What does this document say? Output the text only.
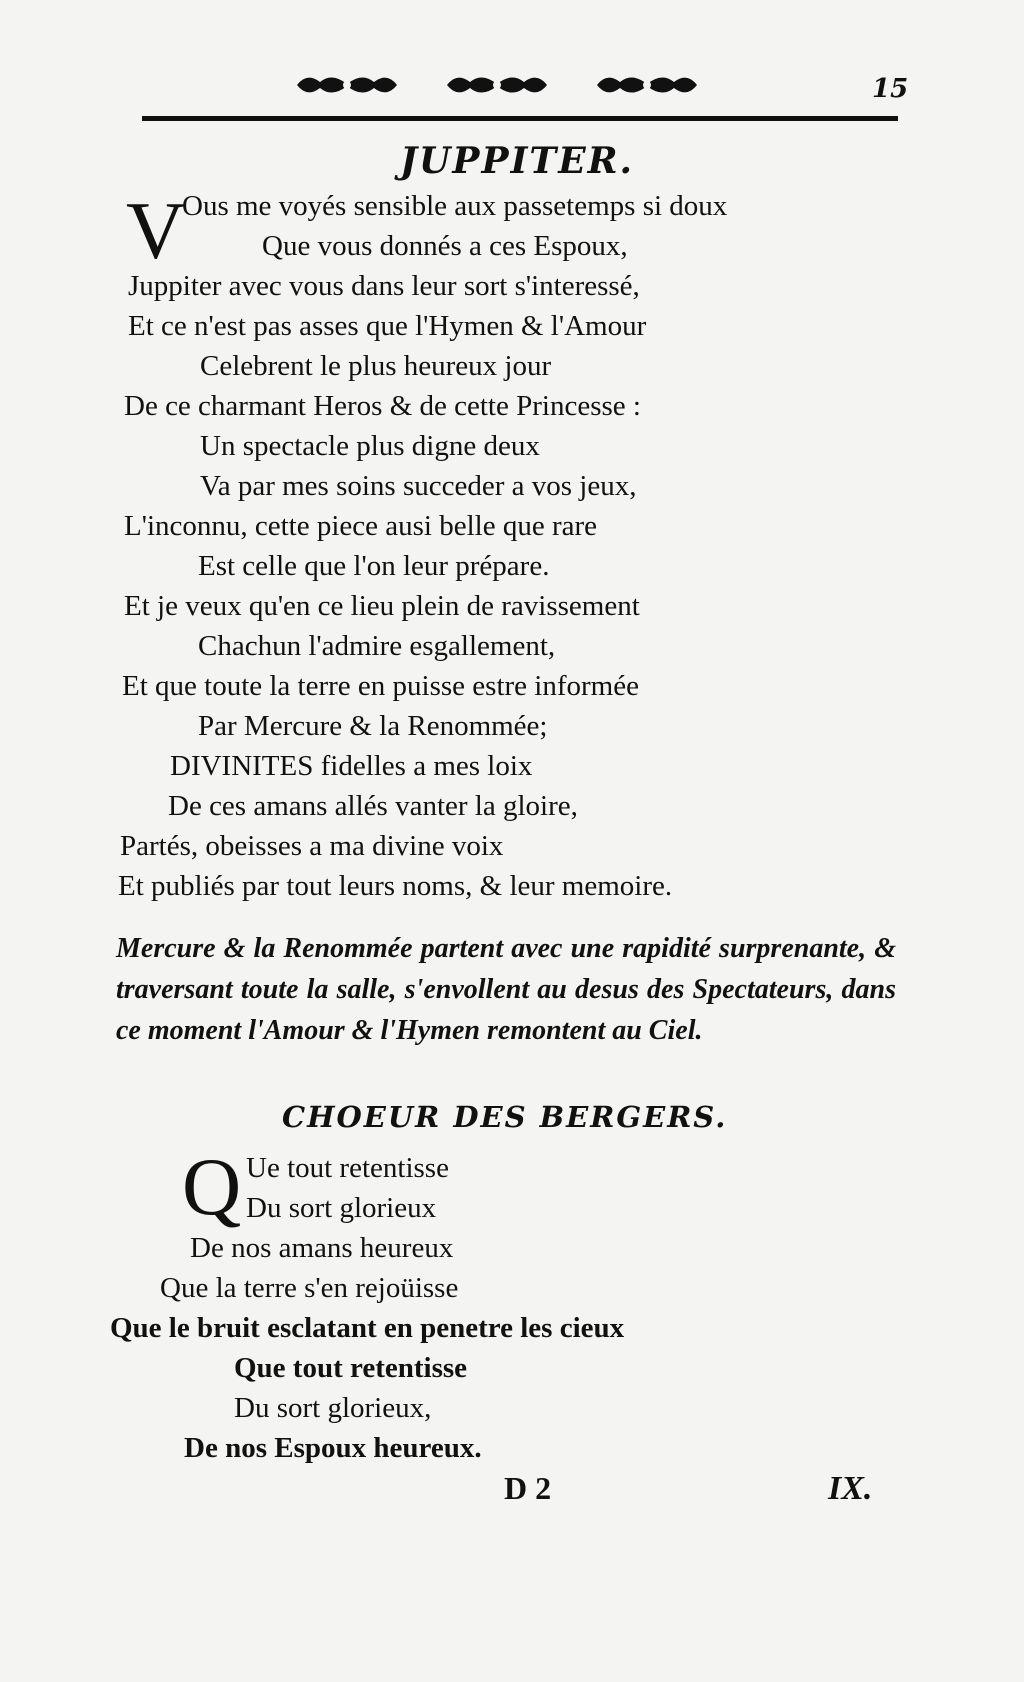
15
JUPPITER.
V
Ous me voyés sensible aux passetemps si doux
Que vous donnés a ces Espoux,
Juppiter avec vous dans leur sort s'interessé,
Et ce n'est pas asses que l'Hymen & l'Amour
Celebrent le plus heureux jour
De ce charmant Heros & de cette Princesse :
Un spectacle plus digne deux
Va par mes soins succeder a vos jeux,
L'inconnu, cette piece ausi belle que rare
Est celle que l'on leur prépare.
Et je veux qu'en ce lieu plein de ravissement
Chachun l'admire esgallement,
Et que toute la terre en puisse estre informée
Par Mercure & la Renommée;
DIVINITES fidelles a mes loix
De ces amans allés vanter la gloire,
Partés, obeisses a ma divine voix
Et publiés par tout leurs noms, & leur memoire.
Mercure & la Renommée partent avec une rapidité surprenante, & traversant toute la salle, s'envollent au desus des Spectateurs, dans ce moment l'Amour & l'Hymen remontent au Ciel.
CHOEUR DES BERGERS.
Q Ue tout retentisse
Du sort glorieux
De nos amans heureux
Que la terre s'en rejoüisse
Que le bruit esclatant en penetre les cieux
Que tout retentisse
Du sort glorieux,
De nos Espoux heureux.
D 2	IX.
